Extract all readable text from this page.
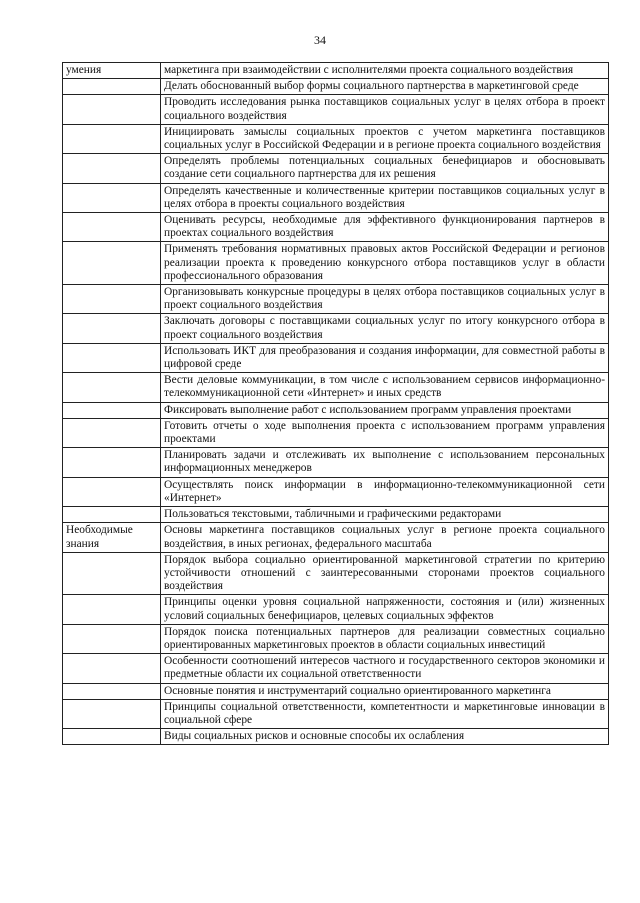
34
умения	маркетинга при взаимодействии с исполнителями проекта социального воздействия
	Делать обоснованный выбор формы социального партнерства в маркетинговой среде
	Проводить исследования рынка поставщиков социальных услуг в целях отбора в проект социального воздействия
	Инициировать замыслы социальных проектов с учетом маркетинга поставщиков социальных услуг в Российской Федерации и в регионе проекта социального воздействия
	Определять проблемы потенциальных социальных бенефициаров и обосновывать создание сети социального партнерства для их решения
	Определять качественные и количественные критерии поставщиков социальных услуг в целях отбора в проекты социального воздействия
	Оценивать ресурсы, необходимые для эффективного функционирования партнеров в проектах социального воздействия
	Применять требования нормативных правовых актов Российской Федерации и регионов реализации проекта к проведению конкурсного отбора поставщиков услуг в области профессионального образования
	Организовывать конкурсные процедуры в целях отбора поставщиков социальных услуг в проект социального воздействия
	Заключать договоры с поставщиками социальных услуг по итогу конкурсного отбора в проект социального воздействия
	Использовать ИКТ для преобразования и создания информации, для совместной работы в цифровой среде
	Вести деловые коммуникации, в том числе с использованием сервисов информационно-телекоммуникационной сети «Интернет» и иных средств
	Фиксировать выполнение работ с использованием программ управления проектами
	Готовить отчеты о ходе выполнения проекта с использованием программ управления проектами
	Планировать задачи и отслеживать их выполнение с использованием персональных информационных менеджеров
	Осуществлять поиск информации в информационно-телекоммуникационной сети «Интернет»
	Пользоваться текстовыми, табличными и графическими редакторами
Необходимые знания	Основы маркетинга поставщиков социальных услуг в регионе проекта социального воздействия, в иных регионах, федерального масштаба
	Порядок выбора социально ориентированной маркетинговой стратегии по критерию устойчивости отношений с заинтересованными сторонами проектов социального воздействия
	Принципы оценки уровня социальной напряженности, состояния и (или) жизненных условий социальных бенефициаров, целевых социальных эффектов
	Порядок поиска потенциальных партнеров для реализации совместных социально ориентированных маркетинговых проектов в области социальных инвестиций
	Особенности соотношений интересов частного и государственного секторов экономики и предметные области их социальной ответственности
	Основные понятия и инструментарий социально ориентированного маркетинга
	Принципы социальной ответственности, компетентности и маркетинговые инновации в социальной сфере
	Виды социальных рисков и основные способы их ослабления
